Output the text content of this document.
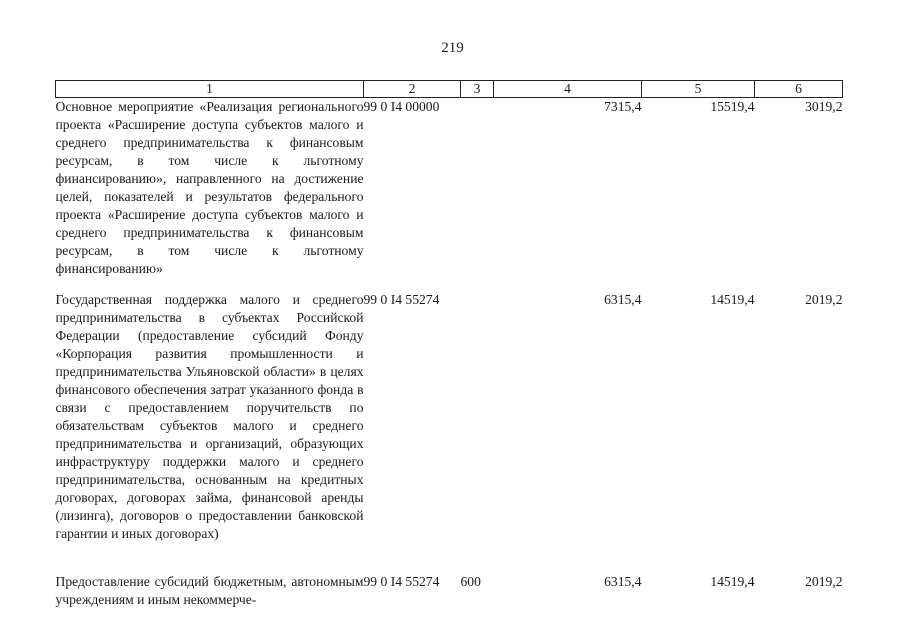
219
1	2	3	4	5	6
Основное мероприятие «Реализация регионального проекта «Расширение доступа субъектов малого и среднего предпринимательства к финансовым ресурсам, в том числе к льготному финансированию», направленного на достижение целей, показателей и результатов федерального проекта «Расширение доступа субъектов малого и среднего предпринимательства к финансовым ресурсам, в том числе к льготному финансированию»	99 0 I4 00000		7315,4	15519,4	3019,2
Государственная поддержка малого и среднего предпринимательства в субъектах Российской Федерации (предоставление субсидий Фонду «Корпорация развития промышленности и предпринимательства Ульяновской области» в целях финансового обеспечения затрат указанного фонда в связи с предоставлением поручительств по обязательствам субъектов малого и среднего предпринимательства и организаций, образующих инфраструктуру поддержки малого и среднего предпринимательства, основанным на кредитных договорах, договорах займа, финансовой аренды (лизинга), договоров о предоставлении банковской гарантии и иных договорах)	99 0 I4 55274		6315,4	14519,4	2019,2
Предоставление субсидий бюджетным, автономным учреждениям и иным некоммерче-	99 0 I4 55274	600	6315,4	14519,4	2019,2
